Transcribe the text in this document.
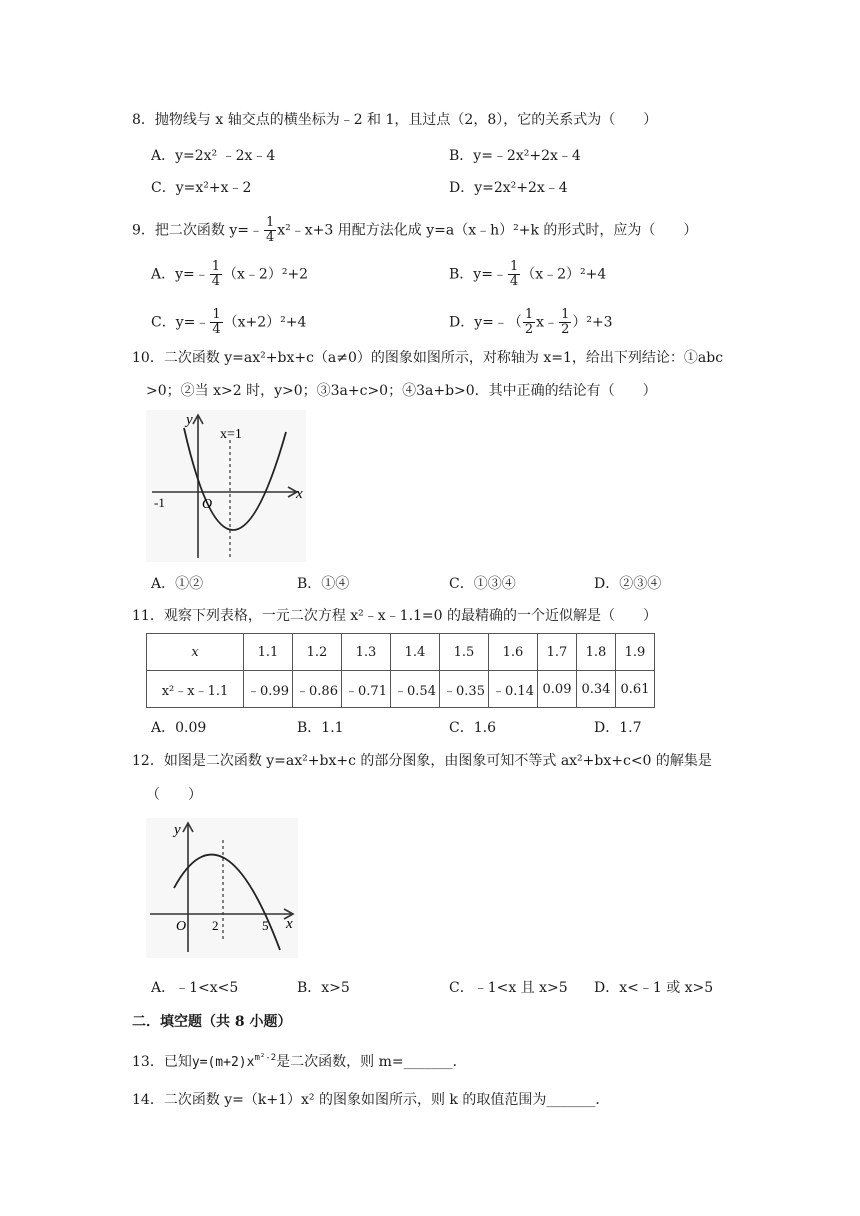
8．抛物线与 x 轴交点的横坐标为﹣2 和 1，且过点（2，8），它的关系式为（　　）
A．y=2x² ﹣2x﹣4	B．y=﹣2x²+2x﹣4
C．y=x²+x﹣2	D．y=2x²+2x﹣4
9．把二次函数 y=﹣ $\frac{1}{4}$ x²﹣x+3 用配方法化成 y=a（x﹣h）²+k 的形式时，应为（　　）
A．y=﹣ $\frac{1}{4}$ （x﹣2）²+2	B．y=﹣ $\frac{1}{4}$ （x﹣2）²+4
C．y=﹣ $\frac{1}{4} (x+2)^2+4$	D．y=﹣（ $\frac{1}{2}$ x﹣ $\frac{1}{2} )^2+3$
10．二次函数 y=ax²+bx+c（a≠0）的图象如图所示，对称轴为 x=1，给出下列结论：①abc
>0；②当 x>2 时，y>0；③3a+c>0；④3a+b>0．其中正确的结论有（　　）
y
x
x=1
O
-1
A．①②	B．①④	C．①③④	D．②③④
11．观察下列表格，一元二次方程 x²﹣x﹣1.1=0 的最精确的一个近似解是（　　）
x	1.1	1.2	1.3	1.4	1.5	1.6	1.7	1.8	1.9
x²﹣x﹣1.1	﹣0.99	﹣0.86	﹣0.71	﹣0.54	﹣0.35	﹣0.14	0.09	0.34	0.61
A．0.09	B．1.1	C．1.6	D．1.7
12．如图是二次函数 y=ax²+bx+c 的部分图象，由图象可知不等式 ax²+bx+c<0 的解集是
（　　）
y
x
O 2	5
A．﹣1<x<5	B．x>5	C．﹣1<x 且 x>5 D．x<﹣1 或 x>5
二．填空题（共 8 小题）
13．已知$y=(m+2)x^{m^2-2}$是二次函数，则 m=_______．
14．二次函数 y=（k+1）x² 的图象如图所示，则 k 的取值范围为_______．
